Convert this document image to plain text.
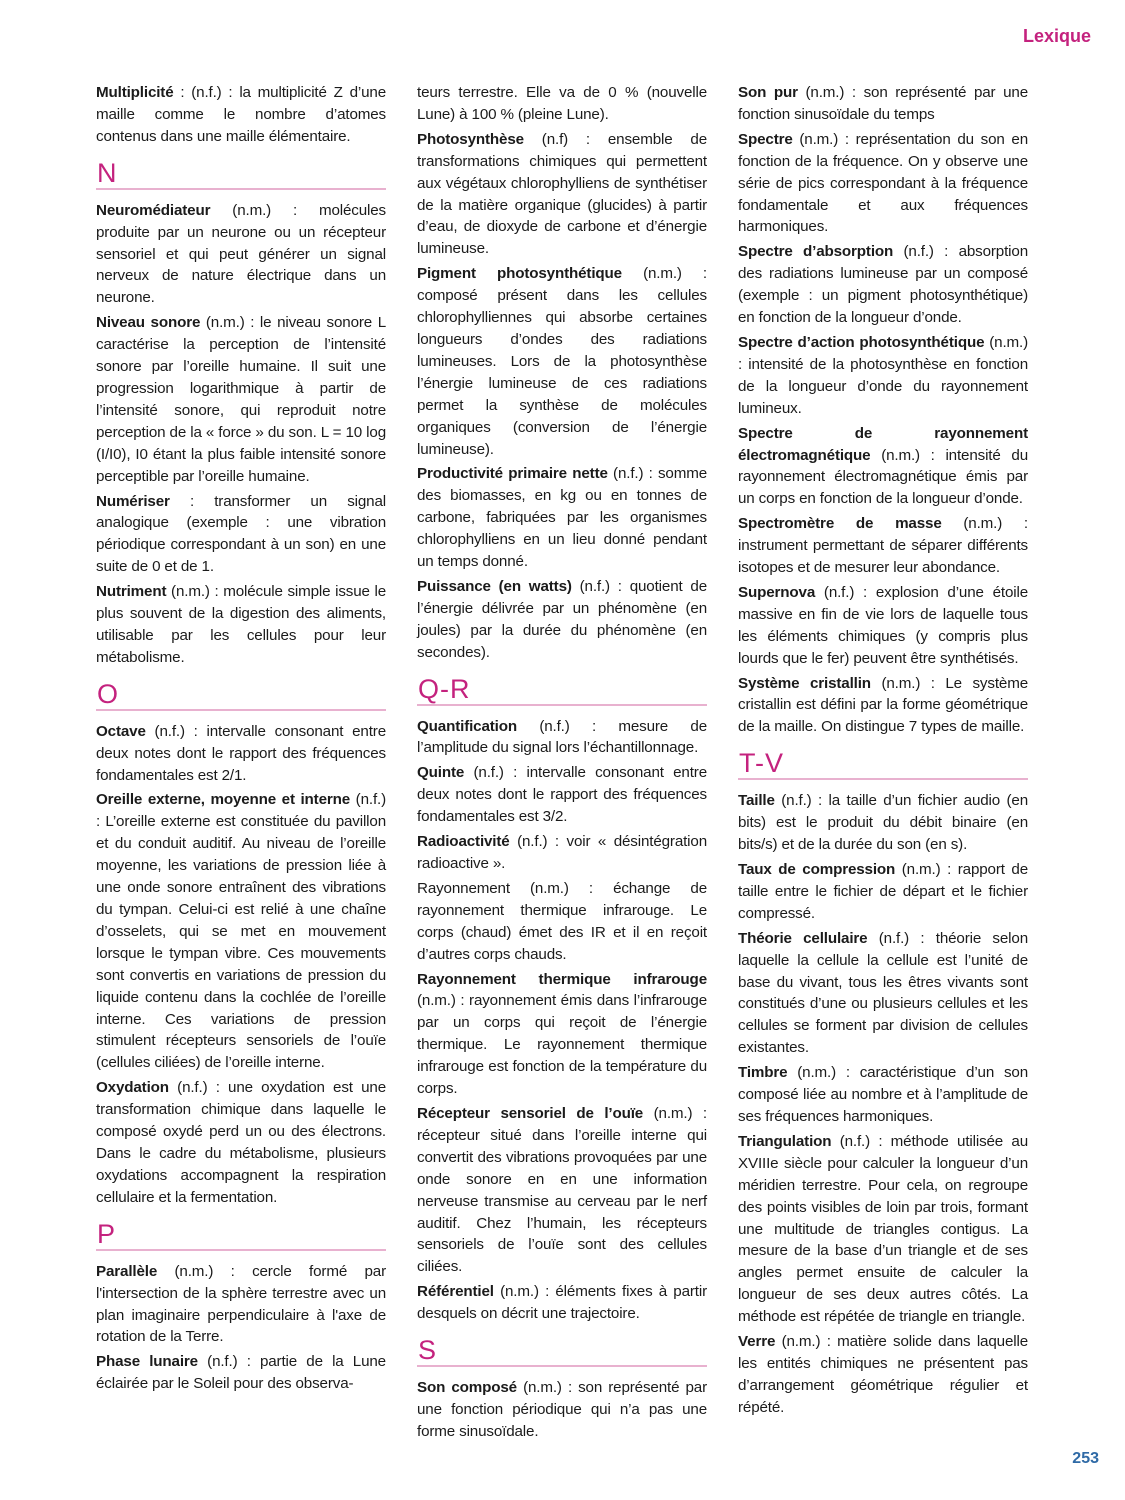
Lexique

Multiplicité : (n.f.) : la multiplicité Z d’une maille comme le nombre d’atomes contenus dans une maille élémentaire.

N

Neuromédiateur (n.m.) : molécules produite par un neurone ou un récepteur sensoriel et qui peut générer un signal nerveux de nature électrique dans un neurone.

Niveau sonore (n.m.) : le niveau sonore L caractérise la perception de l’intensité sonore par l’oreille humaine. Il suit une progression logarithmique à partir de l’intensité sonore, qui reproduit notre perception de la « force » du son. L = 10 log (I/I0), I0 étant la plus faible intensité sonore perceptible par l’oreille humaine.

Numériser : transformer un signal analogique (exemple : une vibration périodique correspondant à un son) en une suite de 0 et de 1.

Nutriment (n.m.) : molécule simple issue le plus souvent de la digestion des aliments, utilisable par les cellules pour leur métabolisme.

O

Octave (n.f.) : intervalle consonant entre deux notes dont le rapport des fréquences fondamentales est 2/1.

Oreille externe, moyenne et interne (n.f.) : L’oreille externe est constituée du pavillon et du conduit auditif. Au niveau de l’oreille moyenne, les variations de pression liée à une onde sonore entraînent des vibrations du tympan. Celui-ci est relié à une chaîne d’osselets, qui se met en mouvement lorsque le tympan vibre. Ces mouvements sont convertis en variations de pression du liquide contenu dans la cochlée de l’oreille interne. Ces variations de pression stimulent récepteurs sensoriels de l’ouïe (cellules ciliées) de l’oreille interne.

Oxydation (n.f.) : une oxydation est une transformation chimique dans laquelle le composé oxydé perd un ou des électrons. Dans le cadre du métabolisme, plusieurs oxydations accompagnent la respiration cellulaire et la fermentation.

P

Parallèle (n.m.) : cercle formé par l'intersection de la sphère terrestre avec un plan imaginaire perpendiculaire à l'axe de rotation de la Terre.

Phase lunaire (n.f.) : partie de la Lune éclairée par le Soleil pour des observa-

teurs terrestre. Elle va de 0 % (nouvelle Lune) à 100 % (pleine Lune).

Photosynthèse (n.f) : ensemble de transformations chimiques qui permettent aux végétaux chlorophylliens de synthétiser de la matière organique (glucides) à partir d’eau, de dioxyde de carbone et d’énergie lumineuse.

Pigment photosynthétique (n.m.) : composé présent dans les cellules chlorophylliennes qui absorbe certaines longueurs d’ondes des radiations lumineuses. Lors de la photosynthèse l’énergie lumineuse de ces radiations permet la synthèse de molécules organiques (conversion de l’énergie lumineuse).

Productivité primaire nette (n.f.) : somme des biomasses, en kg ou en tonnes de carbone, fabriquées par les organismes chlorophylliens en un lieu donné pendant un temps donné.

Puissance (en watts) (n.f.) : quotient de l’énergie délivrée par un phénomène (en joules) par la durée du phénomène (en secondes).

Q-R

Quantification (n.f.) : mesure de l’amplitude du signal lors l’échantillonnage.

Quinte (n.f.) : intervalle consonant entre deux notes dont le rapport des fréquences fondamentales est 3/2.

Radioactivité (n.f.) : voir « désintégration radioactive ».

Rayonnement (n.m.) : échange de rayonnement thermique infrarouge. Le corps (chaud) émet des IR et il en reçoit d’autres corps chauds.

Rayonnement thermique infrarouge (n.m.) : rayonnement émis dans l’infrarouge par un corps qui reçoit de l’énergie thermique. Le rayonnement thermique infrarouge est fonction de la température du corps.

Récepteur sensoriel de l’ouïe (n.m.) : récepteur situé dans l’oreille interne qui convertit des vibrations provoquées par une onde sonore en en une information nerveuse transmise au cerveau par le nerf auditif. Chez l’humain, les récepteurs sensoriels de l’ouïe sont des cellules ciliées.

Référentiel (n.m.) : éléments fixes à partir desquels on décrit une trajectoire.

S

Son composé (n.m.) : son représenté par une fonction périodique qui n’a pas une forme sinusoïdale.

Son pur (n.m.) : son représenté par une fonction sinusoïdale du temps

Spectre (n.m.) : représentation du son en fonction de la fréquence. On y observe une série de pics correspondant à la fréquence fondamentale et aux fréquences harmoniques.

Spectre d’absorption (n.f.) : absorption des radiations lumineuse par un composé (exemple : un pigment photosynthétique) en fonction de la longueur d’onde.

Spectre d’action photosynthétique (n.m.) : intensité de la photosynthèse en fonction de la longueur d’onde du rayonnement lumineux.

Spectre de rayonnement électromagnétique (n.m.) : intensité du rayonnement électromagnétique émis par un corps en fonction de la longueur d’onde.

Spectromètre de masse (n.m.) : instrument permettant de séparer différents isotopes et de mesurer leur abondance.

Supernova (n.f.) : explosion d’une étoile massive en fin de vie lors de laquelle tous les éléments chimiques (y compris plus lourds que le fer) peuvent être synthétisés.

Système cristallin (n.m.) : Le système cristallin est défini par la forme géométrique de la maille. On distingue 7 types de maille.

T-V

Taille (n.f.) : la taille d’un fichier audio (en bits) est le produit du débit binaire (en bits/s) et de la durée du son (en s).

Taux de compression (n.m.) : rapport de taille entre le fichier de départ et le fichier compressé.

Théorie cellulaire (n.f.) : théorie selon laquelle la cellule la cellule est l’unité de base du vivant, tous les êtres vivants sont constitués d’une ou plusieurs cellules et les cellules se forment par division de cellules existantes.

Timbre (n.m.) : caractéristique d’un son composé liée au nombre et à l’amplitude de ses fréquences harmoniques.

Triangulation (n.f.) : méthode utilisée au XVIIIe siècle pour calculer la longueur d’un méridien terrestre. Pour cela, on regroupe des points visibles de loin par trois, formant une multitude de triangles contigus. La mesure de la base d’un triangle et de ses angles permet ensuite de calculer la longueur de ses deux autres côtés. La méthode est répétée de triangle en triangle.

Verre (n.m.) : matière solide dans laquelle les entités chimiques ne présentent pas d’arrangement géométrique régulier et répété.

253
